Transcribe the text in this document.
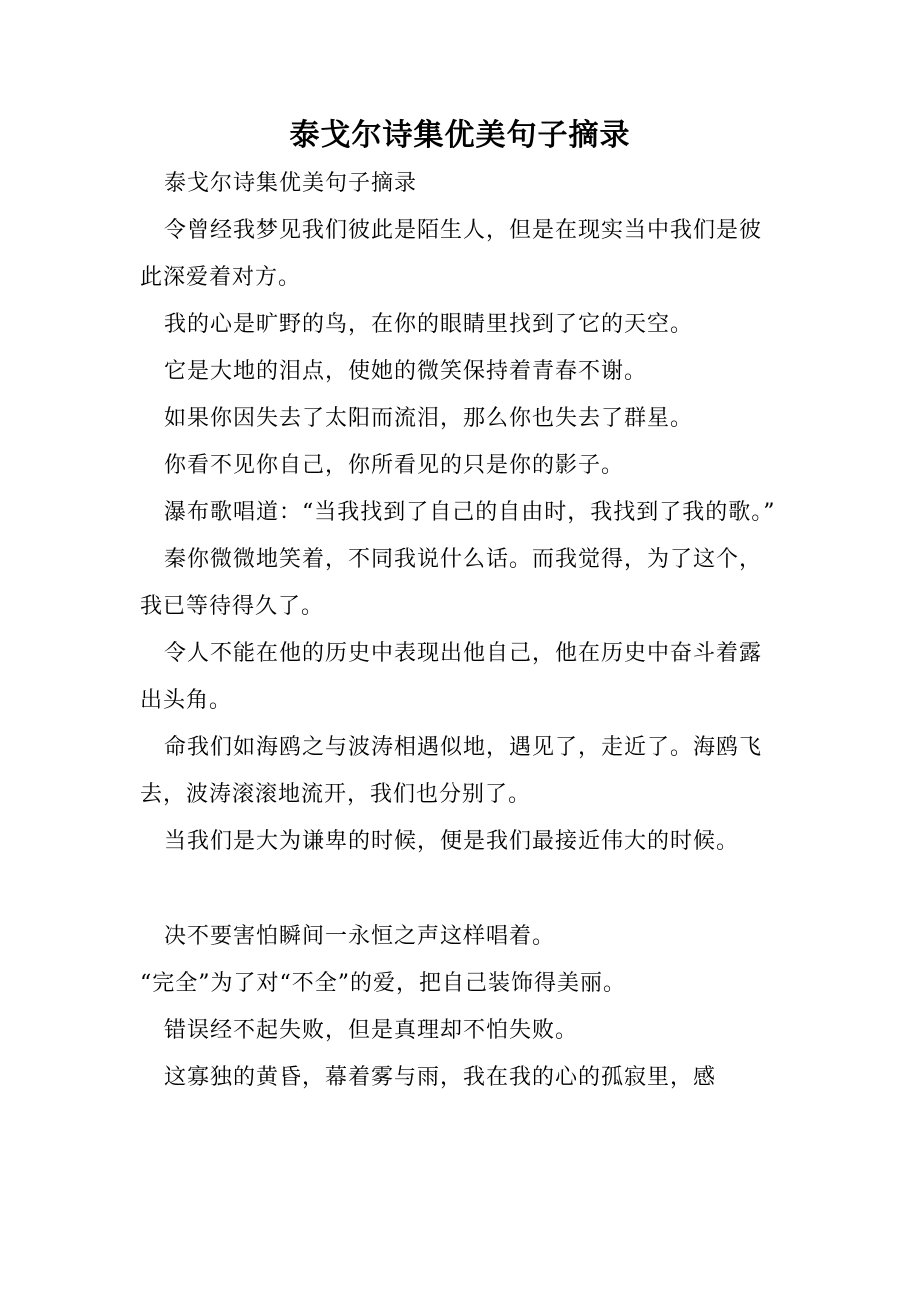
泰戈尔诗集优美句子摘录

泰戈尔诗集优美句子摘录

令曾经我梦见我们彼此是陌生人，但是在现实当中我们是彼此深爱着对方。

我的心是旷野的鸟，在你的眼睛里找到了它的天空。

它是大地的泪点，使她的微笑保持着青春不谢。

如果你因失去了太阳而流泪，那么你也失去了群星。

你看不见你自己，你所看见的只是你的影子。

瀑布歌唱道：“当我找到了自己的自由时，我找到了我的歌。”

秦你微微地笑着，不同我说什么话。而我觉得，为了这个，我已等待得久了。

令人不能在他的历史中表现出他自己，他在历史中奋斗着露出头角。

命我们如海鸥之与波涛相遇似地，遇见了，走近了。海鸥飞去，波涛滚滚地流开，我们也分别了。

当我们是大为谦卑的时候，便是我们最接近伟大的时候。

决不要害怕瞬间一永恒之声这样唱着。

“完全”为了对“不全”的爱，把自己装饰得美丽。

错误经不起失败，但是真理却不怕失败。

这寡独的黄昏，幕着雾与雨，我在我的心的孤寂里，感
